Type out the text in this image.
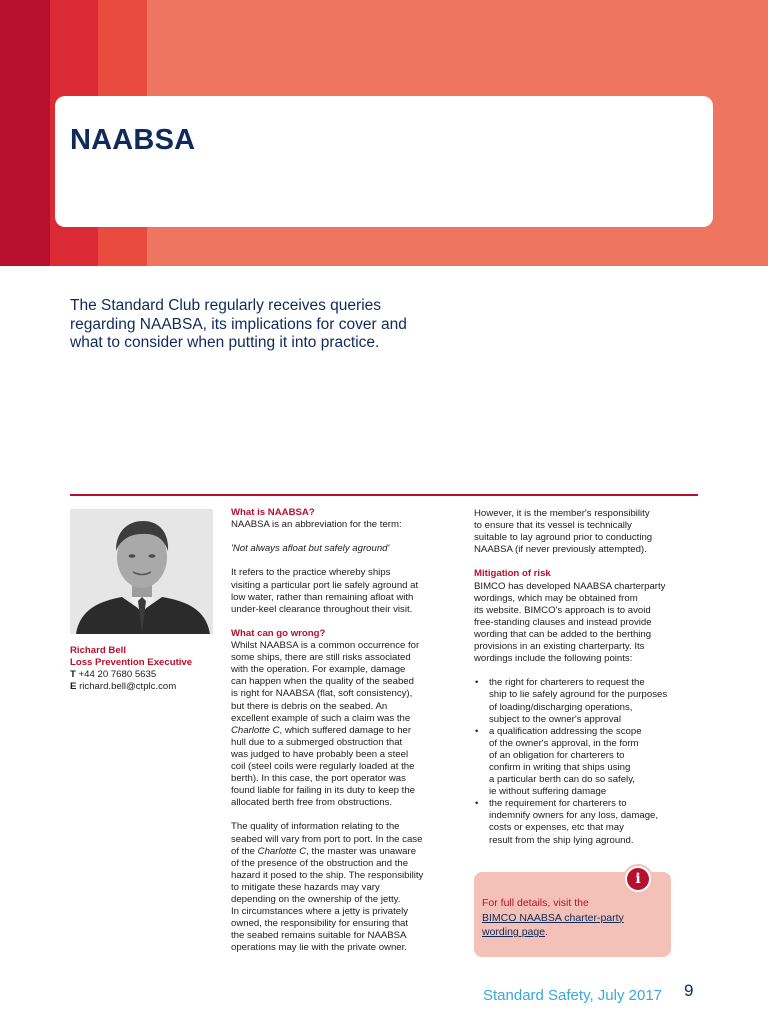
NAABSA
The Standard Club regularly receives queries
regarding NAABSA, its implications for cover and
what to consider when putting it into practice.
Richard Bell
Loss Prevention Executive
T +44 20 7680 5635
E richard.bell@ctplc.com

What is NAABSA?

NAABSA is an abbreviation for the term:

'Not always afloat but safely aground'

It refers to the practice whereby ships

visiting a particular port lie safely aground at

low water, rather than remaining afloat with

under-keel clearance throughout their visit.

What can go wrong?

Whilst NAABSA is a common occurrence for

some ships, there are still risks associated

with the operation. For example, damage

can happen when the quality of the seabed

is right for NAABSA (flat, soft consistency),

but there is debris on the seabed. An

excellent example of such a claim was the

Charlotte C, which suffered damage to her

hull due to a submerged obstruction that

was judged to have probably been a steel

coil (steel coils were regularly loaded at the

berth). In this case, the port operator was

found liable for failing in its duty to keep the

allocated berth free from obstructions.

The quality of information relating to the

seabed will vary from port to port. In the case

of the Charlotte C, the master was unaware

of the presence of the obstruction and the

hazard it posed to the ship. The responsibility

to mitigate these hazards may vary

depending on the ownership of the jetty.

In circumstances where a jetty is privately

owned, the responsibility for ensuring that

the seabed remains suitable for NAABSA

operations may lie with the private owner.

However, it is the member's responsibility

to ensure that its vessel is technically

suitable to lay aground prior to conducting

NAABSA (if never previously attempted).

Mitigation of risk

BIMCO has developed NAABSA charterparty

wordings, which may be obtained from

its website. BIMCO's approach is to avoid

free-standing clauses and instead provide

wording that can be added to the berthing

provisions in an existing charterparty. Its

wordings include the following points:

• the right for charterers to request the
ship to lie safely aground for the purposes
of loading/discharging operations,
subject to the owner's approval
• a qualification addressing the scope
of the owner's approval, in the form
of an obligation for charterers to
confirm in writing that ships using
a particular berth can do so safely,
ie without suffering damage
• the requirement for charterers to
indemnify owners for any loss, damage,
costs or expenses, etc that may
result from the ship lying aground.
For full details, visit the
BIMCO NAABSA charter-party
wording page.
i
Standard Safety, July 2017 9
